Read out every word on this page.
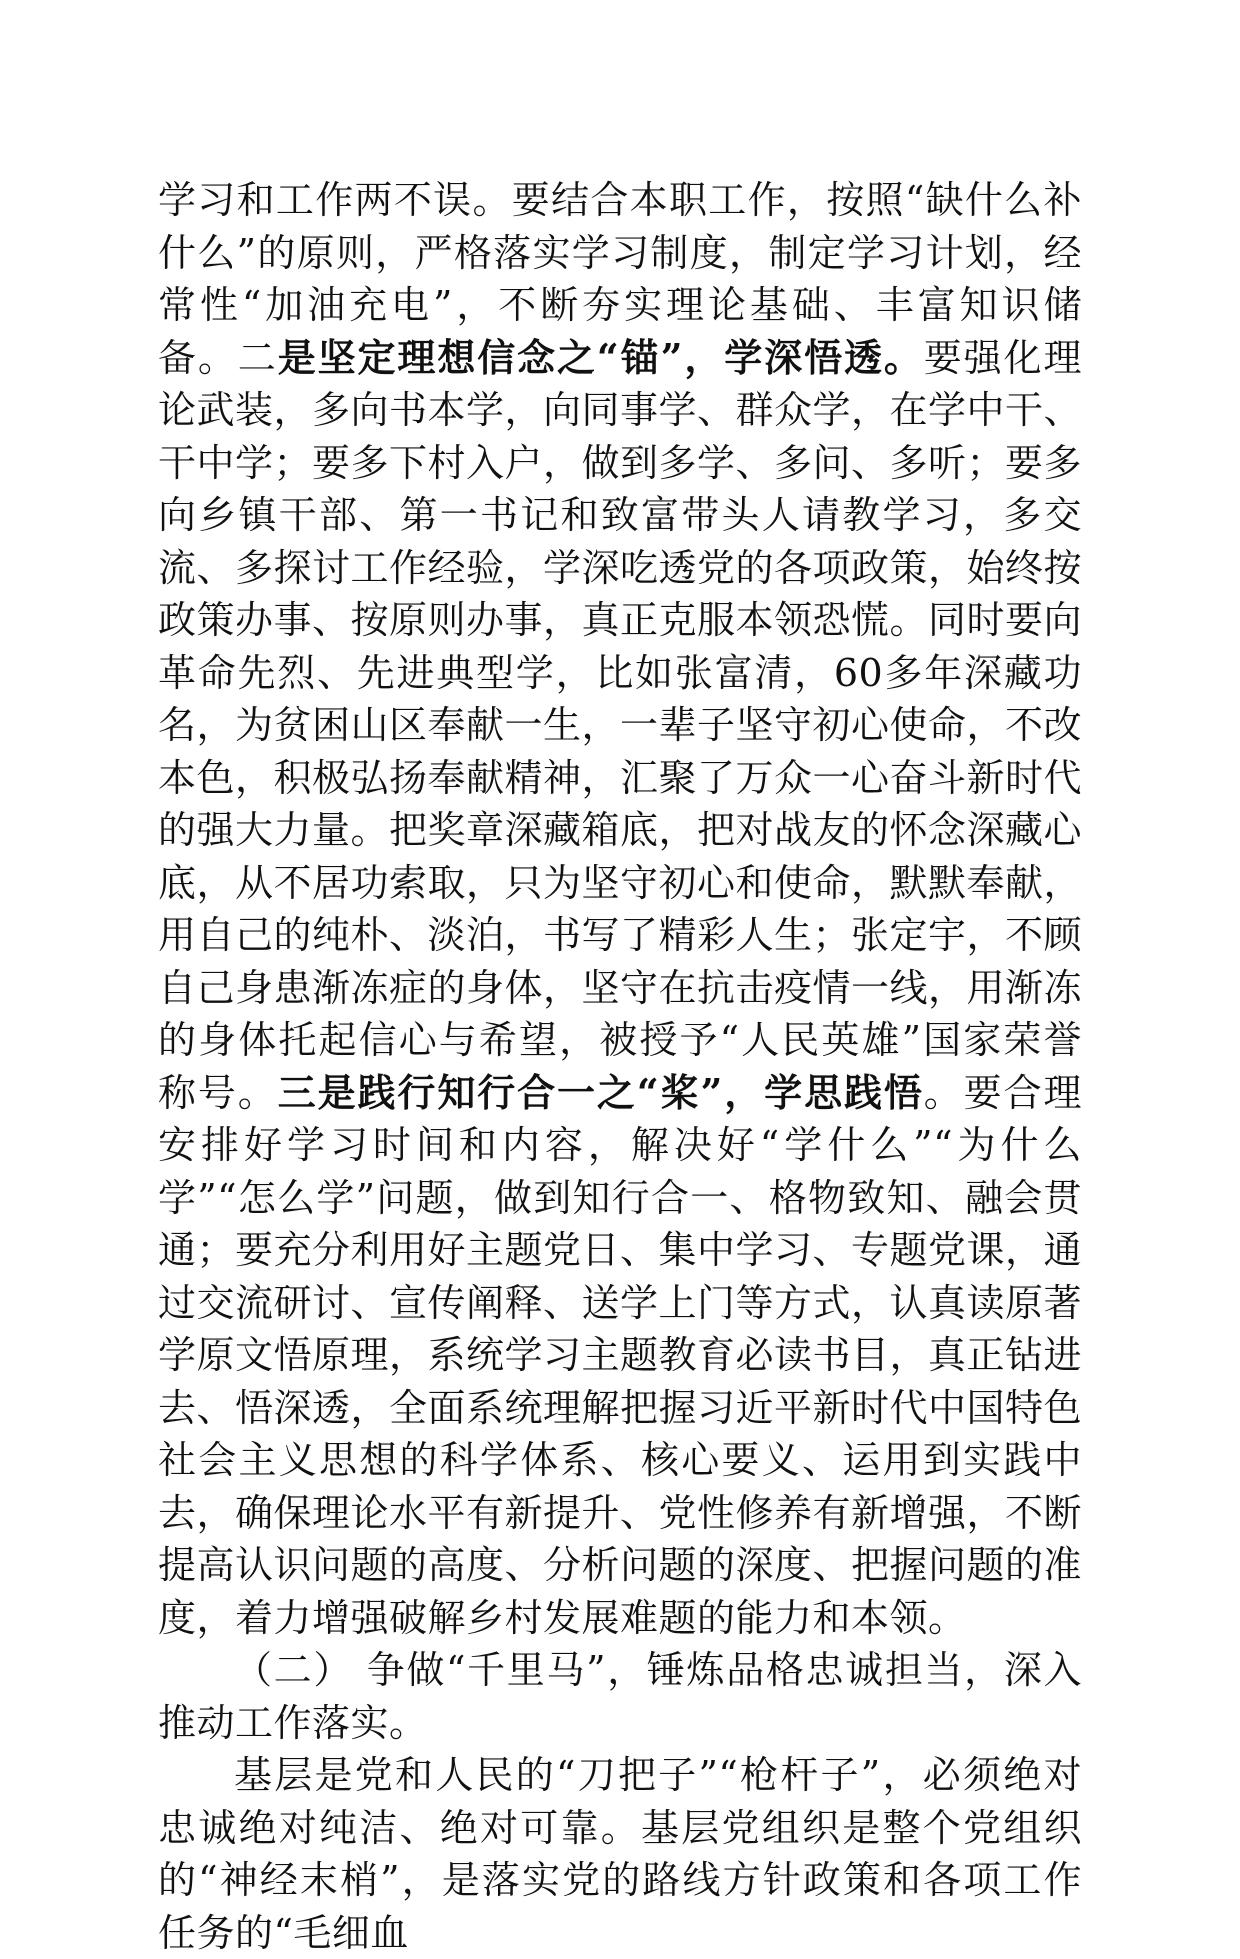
学习和工作两不误。要结合本职工作，按照“缺什么补什么”的原则，严格落实学习制度，制定学习计划，经常性“加油充电”，不断夯实理论基础、丰富知识储备。二是坚定理想信念之“锚”，学深悟透。要强化理论武装，多向书本学，向同事学、群众学，在学中干、干中学；要多下村入户，做到多学、多问、多听；要多向乡镇干部、第一书记和致富带头人请教学习，多交流、多探讨工作经验，学深吃透党的各项政策，始终按政策办事、按原则办事，真正克服本领恐慌。同时要向革命先烈、先进典型学，比如张富清，60多年深藏功名，为贫困山区奉献一生，一辈子坚守初心使命，不改本色，积极弘扬奉献精神，汇聚了万众一心奋斗新时代的强大力量。把奖章深藏箱底，把对战友的怀念深藏心底，从不居功索取，只为坚守初心和使命，默默奉献，用自己的纯朴、淡泊，书写了精彩人生；张定宇，不顾自己身患渐冻症的身体，坚守在抗击疫情一线，用渐冻的身体托起信心与希望，被授予“人民英雄”国家荣誉称号。三是践行知行合一之“桨”，学思践悟。要合理安排好学习时间和内容，解决好“学什么”“为什么学”“怎么学”问题，做到知行合一、格物致知、融会贯通；要充分利用好主题党日、集中学习、专题党课，通过交流研讨、宣传阐释、送学上门等方式，认真读原著学原文悟原理，系统学习主题教育必读书目，真正钻进去、悟深透，全面系统理解把握习近平新时代中国特色社会主义思想的科学体系、核心要义、运用到实践中去，确保理论水平有新提升、党性修养有新增强，不断提高认识问题的高度、分析问题的深度、把握问题的准度，着力增强破解乡村发展难题的能力和本领。

（二） 争做“千里马”，锤炼品格忠诚担当，深入推动工作落实。

基层是党和人民的“刀把子”“枪杆子”，必须绝对忠诚绝对纯洁、绝对可靠。基层党组织是整个党组织的“神经末梢”，是落实党的路线方针政策和各项工作任务的“毛细血
